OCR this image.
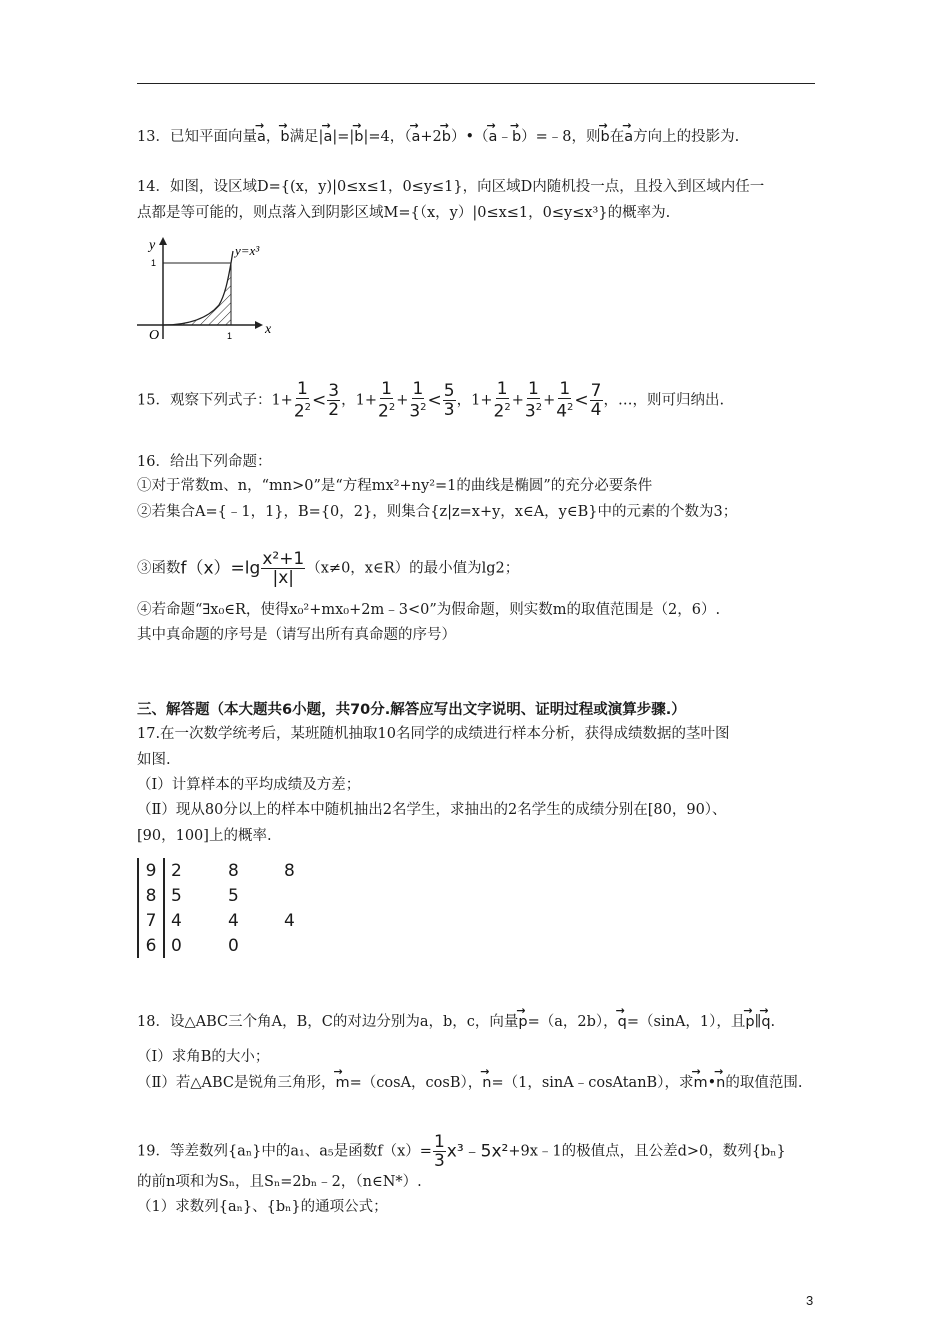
13．已知平面向量→ a，→ b满足|→ a|=|→ b|=4，（→ a+2→ b）•（→ a﹣→ b）=﹣8，则→ b在→ a方向上的投影为.
14．如图，设区域D={(x，y)|0≤x≤1，0≤y≤1}，向区域D内随机投一点，且投入到区域内任一
点都是等可能的，则点落入到阴影区域M={（x，y）|0≤x≤1，0≤y≤x³}的概率为.
y
x
O	1
1
y=x³
15．观察下列式子：$1+ \frac{1}{2^2} < \frac{3}{2}$ ，$1+ \frac{1}{2^2} + \frac{1}{3^2} < \frac{5}{3}$ ，$1+ \frac{1}{2^2} + \frac{1}{3^2} + \frac{1}{4^2} < \frac{7}{4}$ ，…，则可归纳出.
16．给出下列命题：
①对于常数m、n，“mn>0”是“方程mx²+ny²=1的曲线是椭圆”的充分必要条件
②若集合A={﹣1，1}，B={0，2}，则集合{z|z=x+y，x∈A，y∈B}中的元素的个数为3；
③函数$f(x)=\lg \frac{\text{x²+1}}{|x|} (x\ne 0$，x∈R）的最小值为lg2；
④若命题“∃x₀∈R，使得x₀²+mx₀+2m﹣3<0”为假命题，则实数m的取值范围是（2，6）.
其中真命题的序号是（请写出所有真命题的序号）
三、解答题（本大题共6小题，共70分.解答应写出文字说明、证明过程或演算步骤.）
17.在一次数学统考后，某班随机抽取10名同学的成绩进行样本分析，获得成绩数据的茎叶图
如图.
（Ⅰ）计算样本的平均成绩及方差；
（Ⅱ）现从80分以上的样本中随机抽出2名学生，求抽出的2名学生的成绩分别在[80，90）、
[90，100]上的概率.
9	2	8	8
8	5	5	
7	4	4	4
6	0	0	
18．设△ABC三个角A，B，C的对边分别为a，b，c，向量→ p=（a，2b），→ q=（sinA，1），且→ p∥→ q.
（Ⅰ）求角B的大小；
（Ⅱ）若△ABC是锐角三角形，→ m=（cosA，cosB），→ n=（1，sinA﹣cosAtanB），求→ m•→ n的取值范围.
19．等差数列{aₙ}中的a₁、a₅是函数$f(x)= \frac{1}{3}$ x³﹣5x²+9x﹣1的极值点，且公差d>0，数列{bₙ}
的前n项和为Sₙ，且Sₙ=2bₙ﹣2，（n∈N*）.
（1）求数列{aₙ}、{bₙ}的通项公式；
3
